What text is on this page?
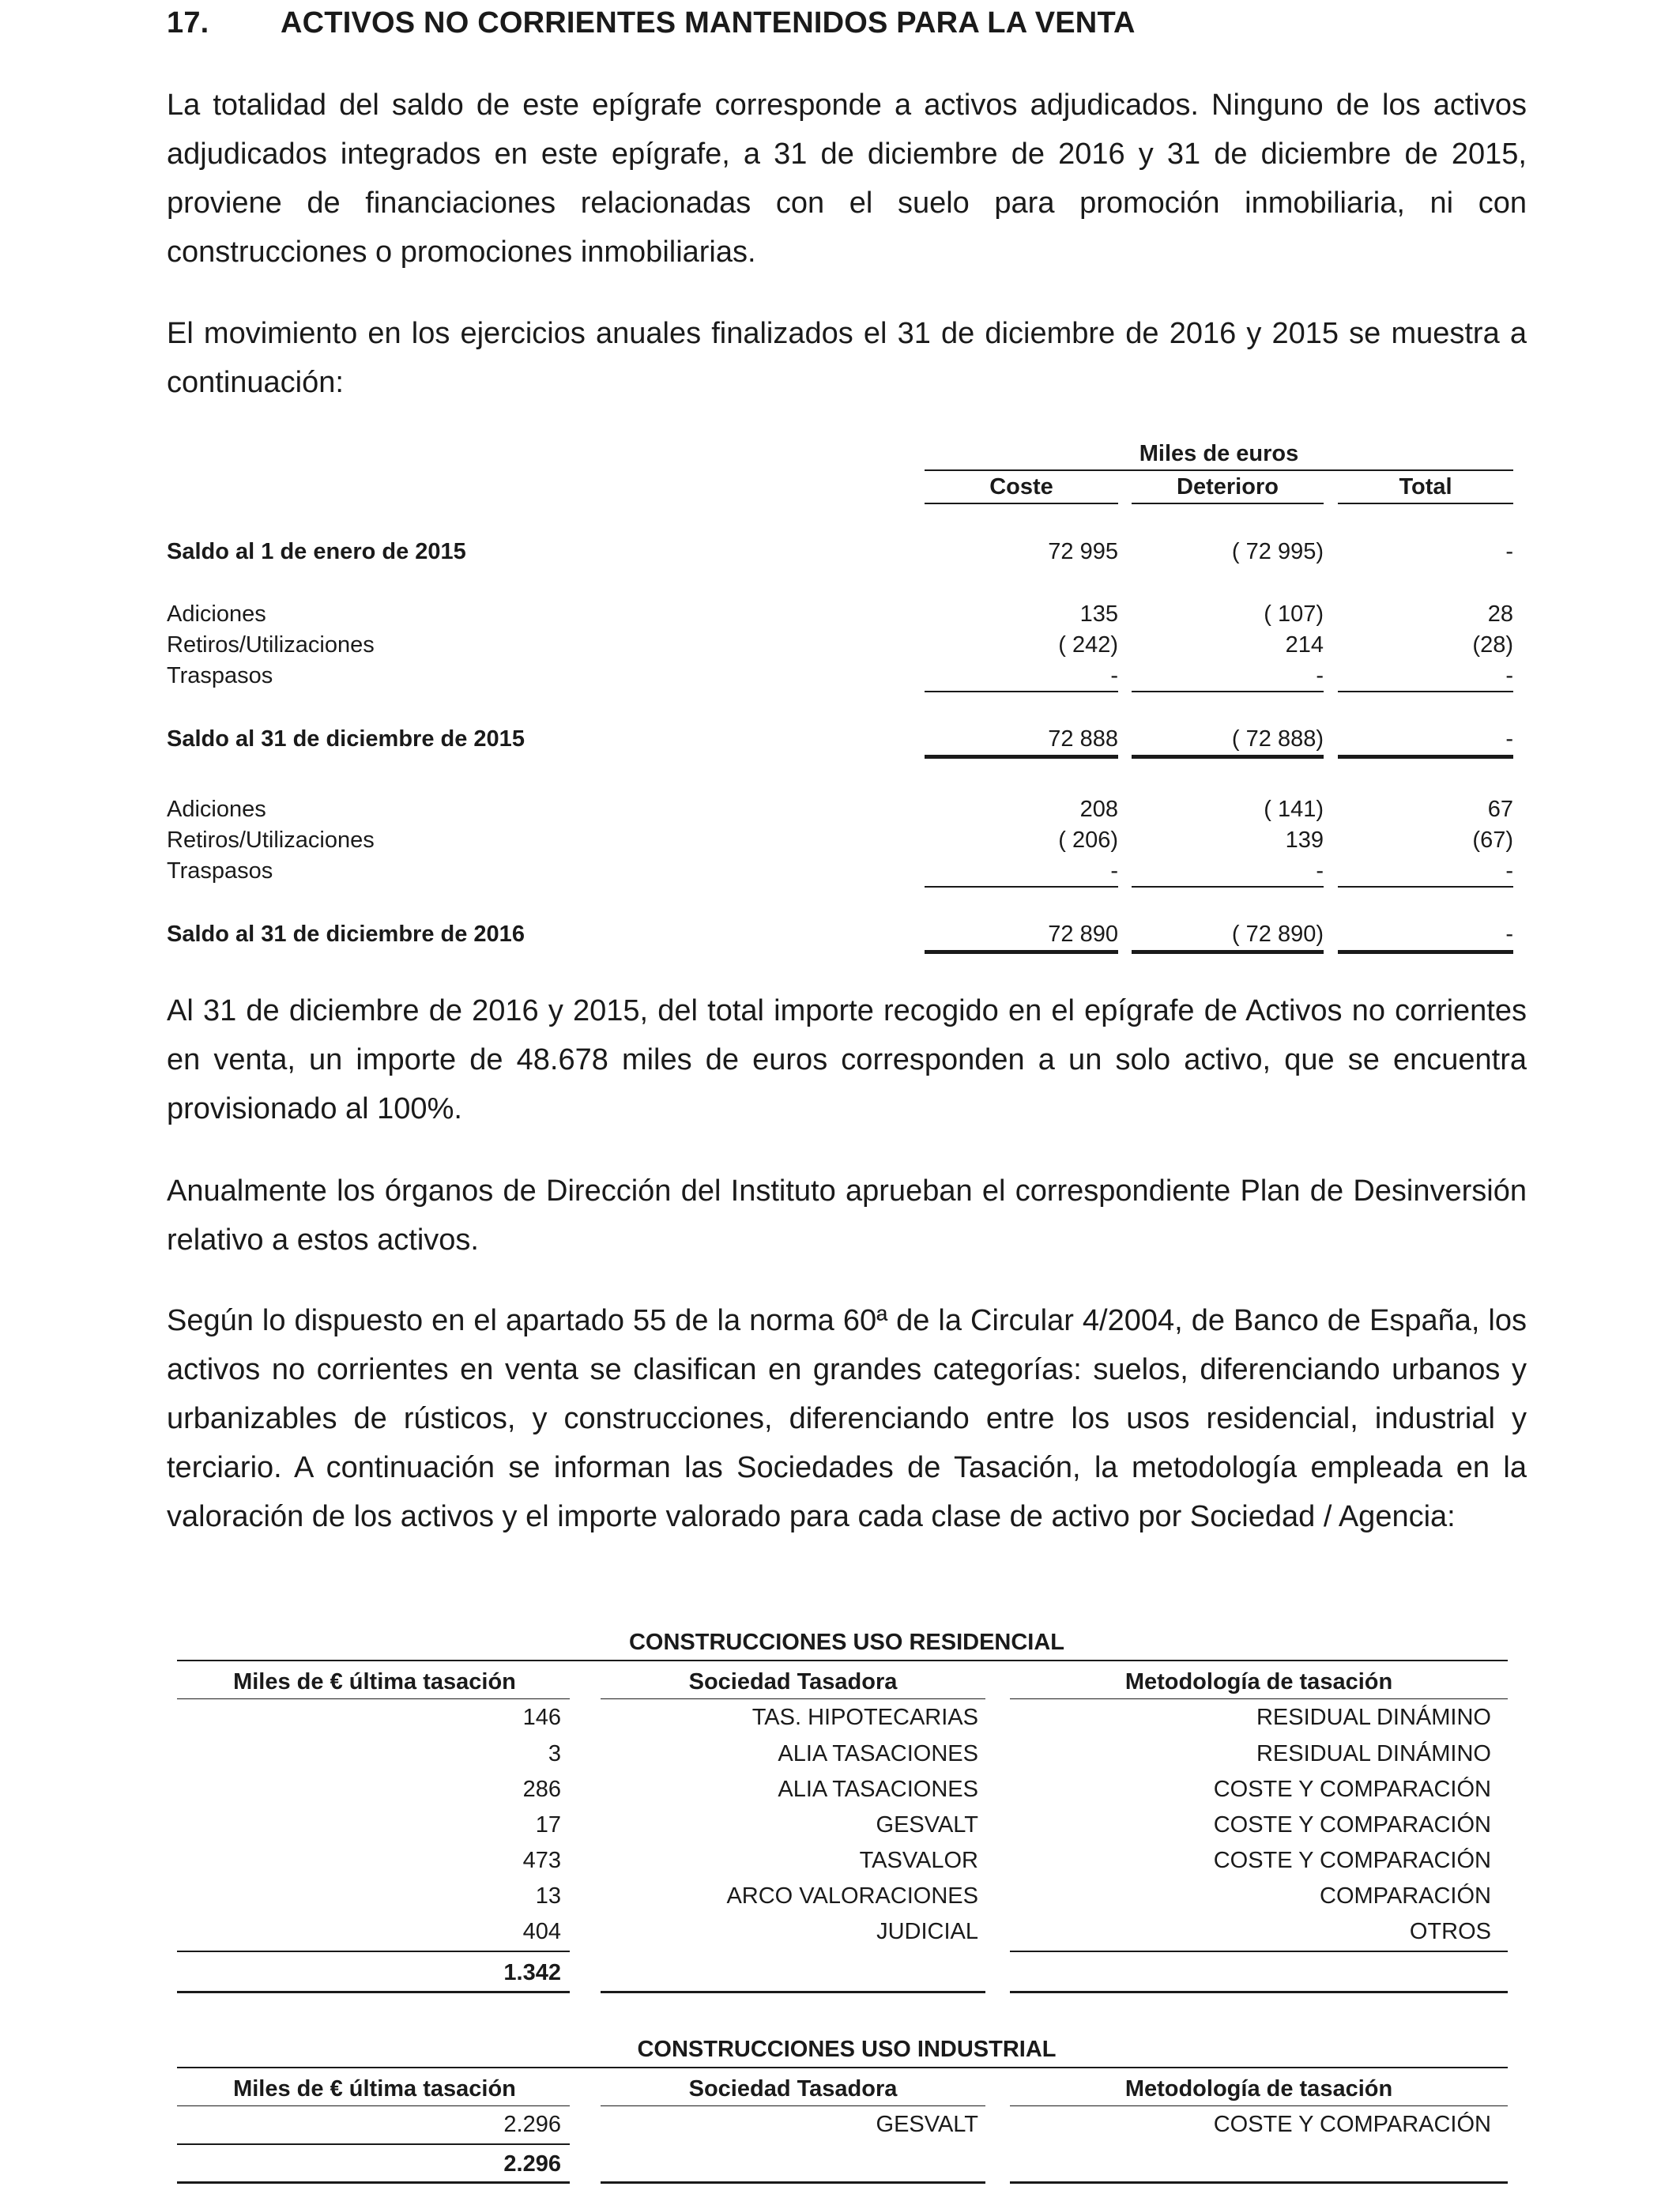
17. ACTIVOS NO CORRIENTES MANTENIDOS PARA LA VENTA
La totalidad del saldo de este epígrafe corresponde a activos adjudicados. Ninguno de los activos adjudicados integrados en este epígrafe, a 31 de diciembre de 2016 y 31 de diciembre de 2015, proviene de financiaciones relacionadas con el suelo para promoción inmobiliaria, ni con construcciones o promociones inmobiliarias.
El movimiento en los ejercicios anuales finalizados el 31 de diciembre de 2016 y 2015 se muestra a continuación:
Miles de euros
Coste	Deterioro	Total
Saldo al 1 de enero de 2015	72 995	( 72 995)	-
Adiciones	135	( 107)	28
Retiros/Utilizaciones	( 242)	214	(28)
Traspasos	-	-	-
Saldo al 31 de diciembre de 2015	72 888	( 72 888)	-
Adiciones	208	( 141)	67
Retiros/Utilizaciones	( 206)	139	(67)
Traspasos	-	-	-
Saldo al 31 de diciembre de 2016	72 890	( 72 890)	-
Al 31 de diciembre de 2016 y 2015, del total importe recogido en el epígrafe de Activos no corrientes en venta, un importe de 48.678 miles de euros corresponden a un solo activo, que se encuentra provisionado al 100%.
Anualmente los órganos de Dirección del Instituto aprueban el correspondiente Plan de Desinversión relativo a estos activos.
Según lo dispuesto en el apartado 55 de la norma 60ª de la Circular 4/2004, de Banco de España, los activos no corrientes en venta se clasifican en grandes categorías: suelos, diferenciando urbanos y urbanizables de rústicos, y construcciones, diferenciando entre los usos residencial, industrial y terciario. A continuación se informan las Sociedades de Tasación, la metodología empleada en la valoración de los activos y el importe valorado para cada clase de activo por Sociedad / Agencia:
CONSTRUCCIONES USO RESIDENCIAL
Miles de € última tasación	Sociedad Tasadora	Metodología de tasación
146	TAS. HIPOTECARIAS	RESIDUAL DINÁMINO
3	ALIA TASACIONES	RESIDUAL DINÁMINO
286	ALIA TASACIONES	COSTE Y COMPARACIÓN
17	GESVALT	COSTE Y COMPARACIÓN
473	TASVALOR	COSTE Y COMPARACIÓN
13	ARCO VALORACIONES	COMPARACIÓN
404	JUDICIAL	OTROS
1.342
CONSTRUCCIONES USO INDUSTRIAL
Miles de € última tasación	Sociedad Tasadora	Metodología de tasación
2.296	GESVALT	COSTE Y COMPARACIÓN
2.296
